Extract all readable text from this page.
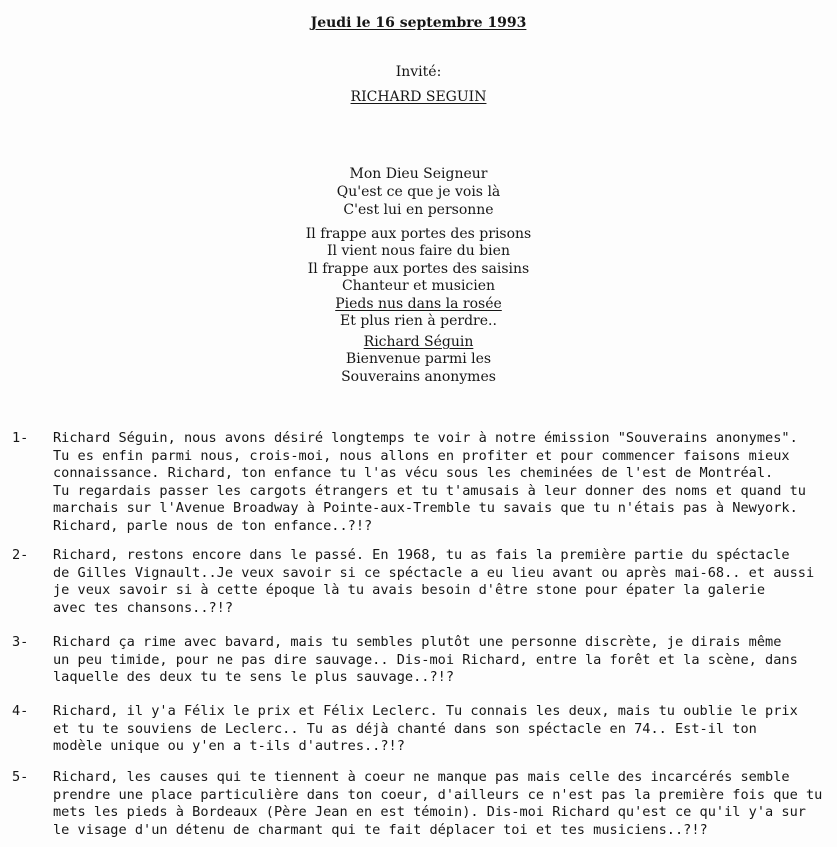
Jeudi le 16 septembre 1993
Invité:
RICHARD SEGUIN
Mon Dieu Seigneur
Qu'est ce que je vois là
C'est lui en personne
Il frappe aux portes des prisons
Il vient nous faire du bien
Il frappe aux portes des saisins
Chanteur et musicien
Pieds nus dans la rosée
Et plus rien à perdre..
Richard Séguin
Bienvenue parmi les
Souverains anonymes
1- Richard Séguin, nous avons désiré longtemps te voir à notre émission "Souverains anonymes".
Tu es enfin parmi nous, crois-moi, nous allons en profiter et pour commencer faisons mieux
connaissance. Richard, ton enfance tu l'as vécu sous les cheminées de l'est de Montréal.
Tu regardais passer les cargots étrangers et tu t'amusais à leur donner des noms et quand tu
marchais sur l'Avenue Broadway à Pointe-aux-Tremble tu savais que tu n'étais pas à Newyork.
Richard, parle nous de ton enfance..?!?
2- Richard, restons encore dans le passé. En 1968, tu as fais la première partie du spéctacle
de Gilles Vignault..Je veux savoir si ce spéctacle a eu lieu avant ou après mai-68.. et aussi
je veux savoir si à cette époque là tu avais besoin d'être stone pour épater la galerie
avec tes chansons..?!?
3- Richard ça rime avec bavard, mais tu sembles plutôt une personne discrète, je dirais même
un peu timide, pour ne pas dire sauvage.. Dis-moi Richard, entre la forêt et la scène, dans
laquelle des deux tu te sens le plus sauvage..?!?
4- Richard, il y'a Félix le prix et Félix Leclerc. Tu connais les deux, mais tu oublie le prix
et tu te souviens de Leclerc.. Tu as déjà chanté dans son spéctacle en 74.. Est-il ton
modèle unique ou y'en a t-ils d'autres..?!?
5- Richard, les causes qui te tiennent à coeur ne manque pas mais celle des incarcérés semble
prendre une place particulière dans ton coeur, d'ailleurs ce n'est pas la première fois que tu
mets les pieds à Bordeaux (Père Jean en est témoin). Dis-moi Richard qu'est ce qu'il y'a sur
le visage d'un détenu de charmant qui te fait déplacer toi et tes musiciens..?!?
